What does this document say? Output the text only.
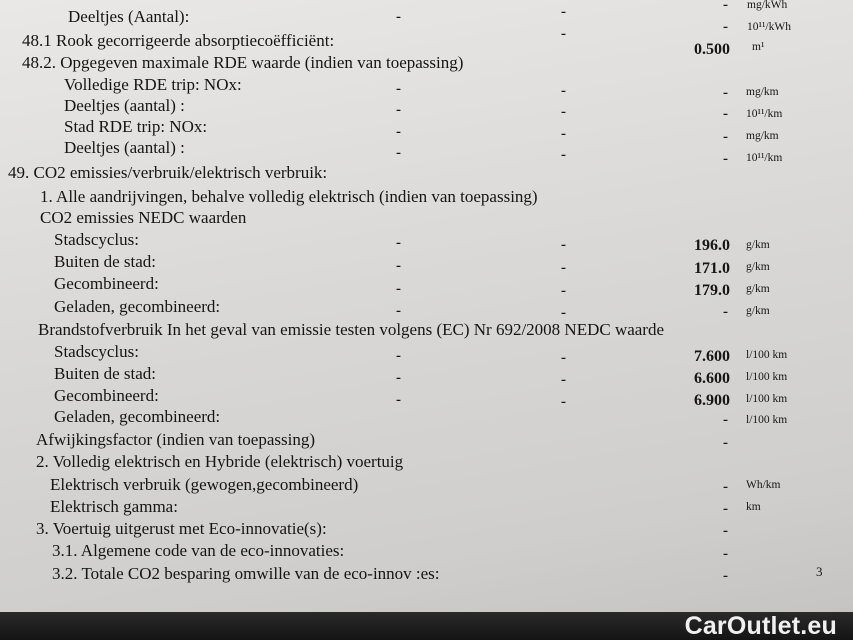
Deeltjes (Aantal):
48.1 Rook gecorrigeerde absorptiecoëfficiënt:
48.2. Opgegeven maximale RDE waarde (indien van toepassing)
Volledige RDE trip: NOx:
Deeltjes (aantal) :
Stad RDE trip: NOx:
Deeltjes (aantal) :
49. CO2 emissies/verbruik/elektrisch verbruik:
1. Alle aandrijvingen, behalve volledig elektrisch (indien van toepassing)
CO2 emissies NEDC waarden
Stadscyclus:
Buiten de stad:
Gecombineerd:
Geladen, gecombineerd:
Brandstofverbruik In het geval van emissie testen volgens (EC) Nr 692/2008 NEDC waarde
Stadscyclus:
Buiten de stad:
Gecombineerd:
Geladen, gecombineerd:
Afwijkingsfactor (indien van toepassing)
2. Volledig elektrisch en Hybride (elektrisch) voertuig
Elektrisch verbruik (gewogen,gecombineerd)
Elektrisch gamma:
3. Voertuig uitgerust met Eco-innovatie(s):
3.1. Algemene code van de eco-innovaties:
3.2. Totale CO2 besparing omwille van de eco-innov :es:
-
-
-
-
-
-
-
-
-
-
-
-
-
-
-
-
-
-
-
-
-
-
-
-
-
-
-
-
-
-
-
-
-
-
-
-
-
-
-
0.500
196.0
171.0
179.0
7.600
6.600
6.900
mg/kWh
10¹¹/kWh
m¹
mg/km
10¹¹/km
mg/km
10¹¹/km
g/km
g/km
g/km
g/km
l/100 km
l/100 km
l/100 km
l/100 km
Wh/km
km
3
CarOutlet.eu
